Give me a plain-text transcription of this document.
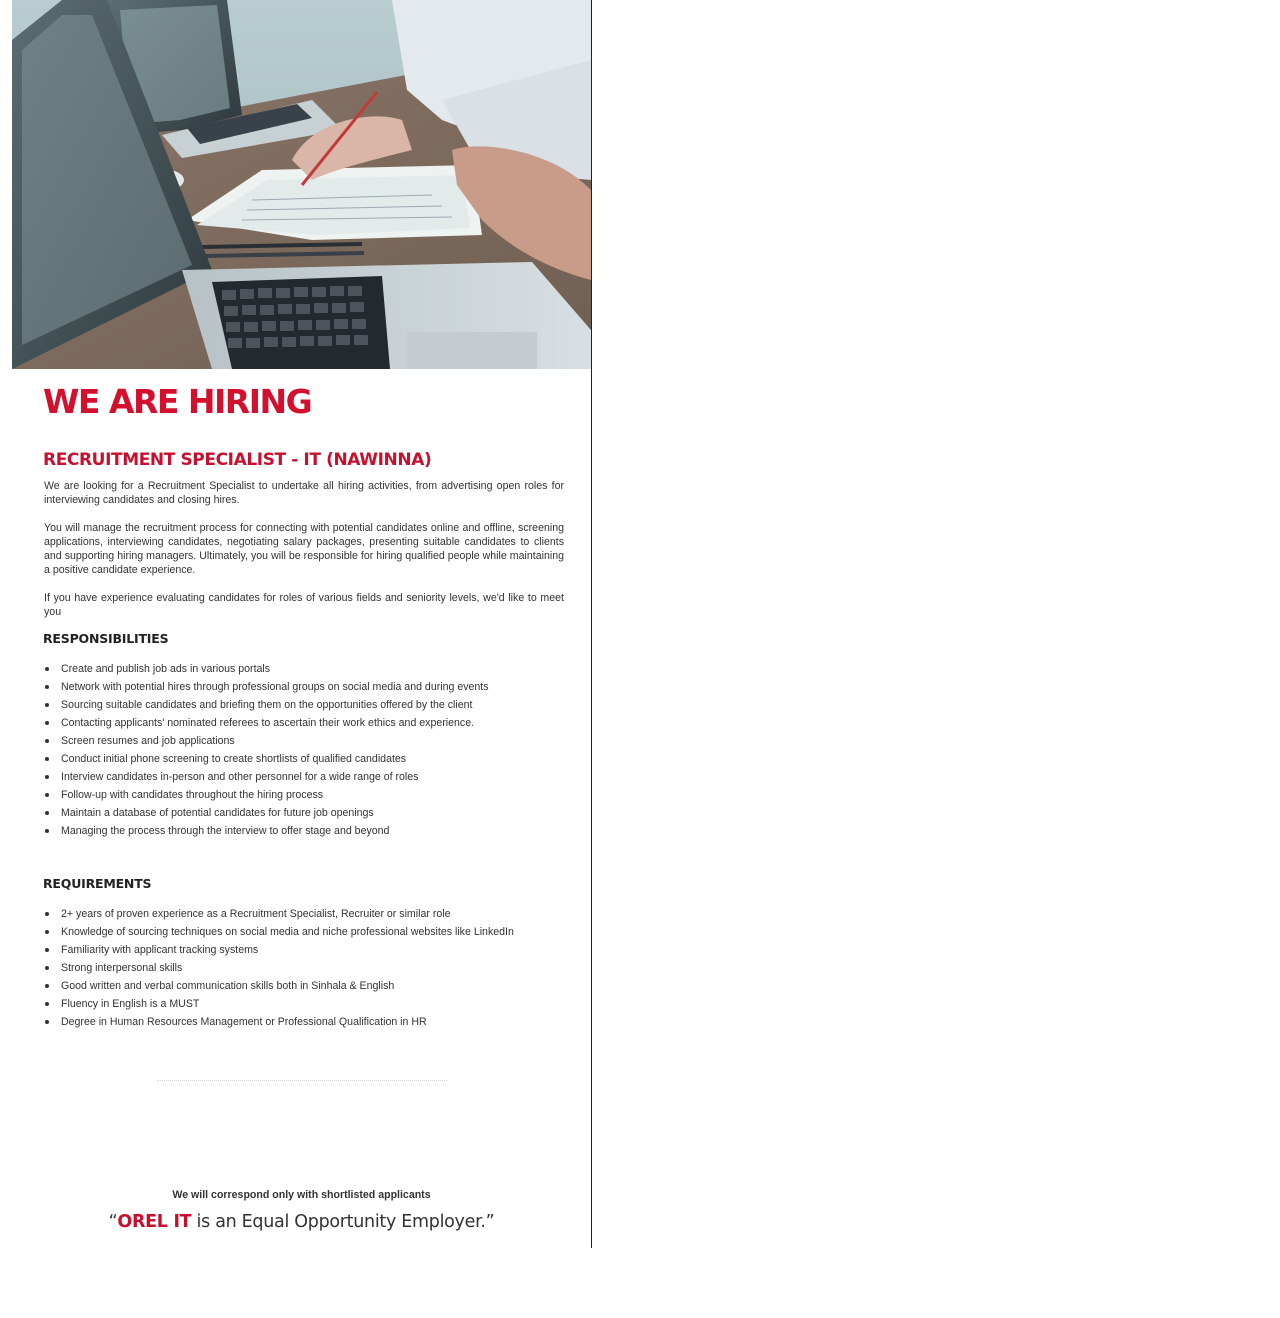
WE ARE HIRING
RECRUITMENT SPECIALIST - IT (NAWINNA)

We are looking for a Recruitment Specialist to undertake all hiring activities, from advertising open roles for interviewing candidates and closing hires.

You will manage the recruitment process for connecting with potential candidates online and offline, screening applications, interviewing candidates, negotiating salary packages, presenting suitable candidates to clients and supporting hiring managers. Ultimately, you will be responsible for hiring qualified people while maintaining a positive candidate experience.

If you have experience evaluating candidates for roles of various fields and seniority levels, we'd like to meet you

RESPONSIBILITIES
Create and publish job ads in various portals
Network with potential hires through professional groups on social media and during events
Sourcing suitable candidates and briefing them on the opportunities offered by the client
Contacting applicants' nominated referees to ascertain their work ethics and experience.
Screen resumes and job applications
Conduct initial phone screening to create shortlists of qualified candidates
Interview candidates in-person and other personnel for a wide range of roles
Follow-up with candidates throughout the hiring process
Maintain a database of potential candidates for future job openings
Managing the process through the interview to offer stage and beyond
REQUIREMENTS
2+ years of proven experience as a Recruitment Specialist, Recruiter or similar role
Knowledge of sourcing techniques on social media and niche professional websites like LinkedIn
Familiarity with applicant tracking systems
Strong interpersonal skills
Good written and verbal communication skills both in Sinhala & English
Fluency in English is a MUST
Degree in Human Resources Management or Professional Qualification in HR

We will correspond only with shortlisted applicants

“OREL IT is an Equal Opportunity Employer.”
